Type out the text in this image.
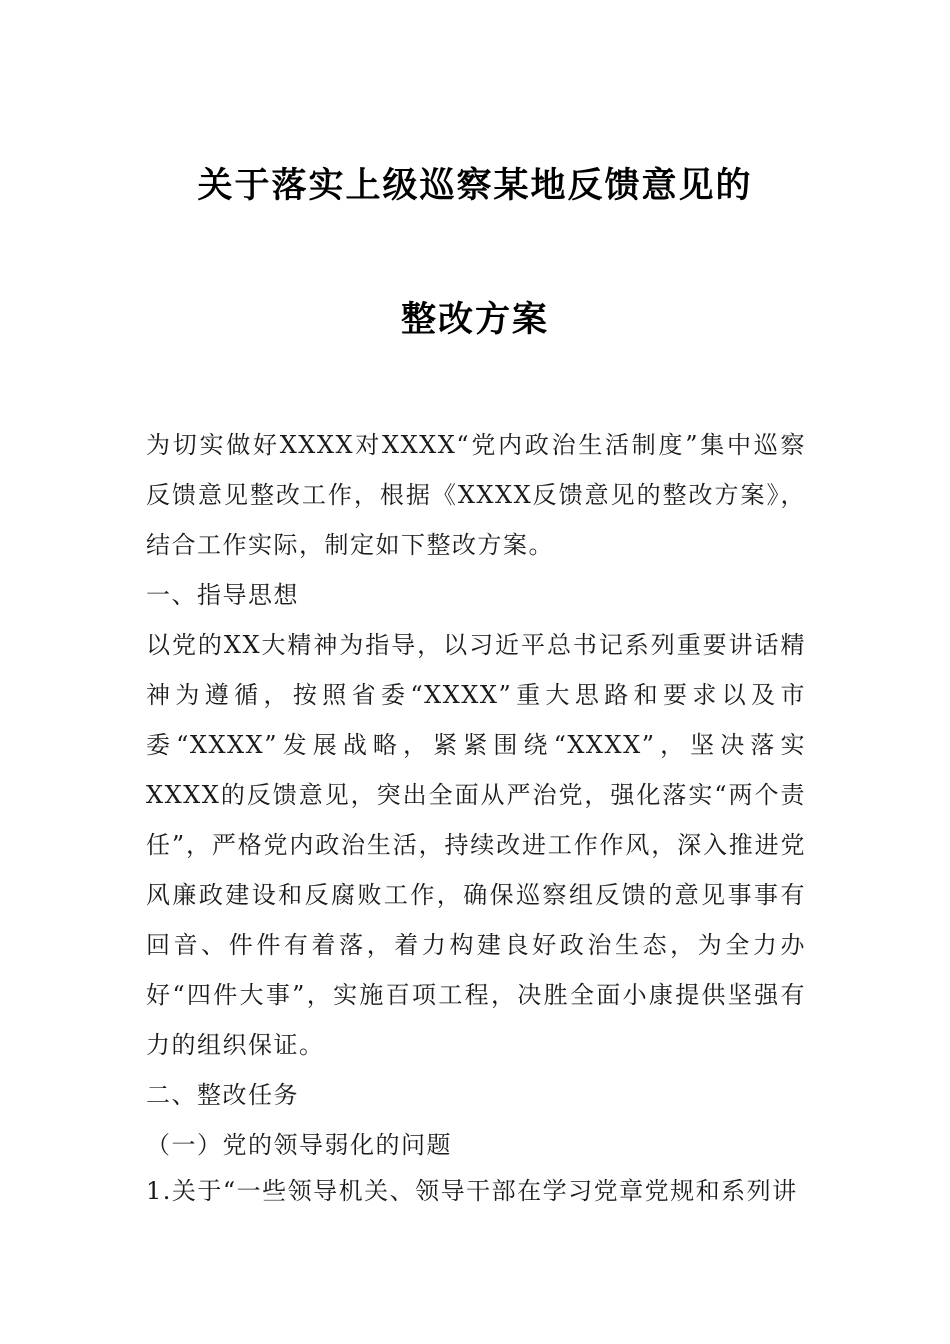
关于落实上级巡察某地反馈意见的
整改方案

为切实做好XXXX对XXXX“党内政治生活制度”集中巡察反馈意见整改工作，根据《XXXX反馈意见的整改方案》，结合工作实际，制定如下整改方案。

一、指导思想

以党的XX大精神为指导，以习近平总书记系列重要讲话精神为遵循，按照省委“XXXX”重大思路和要求以及市委“XXXX”发展战略，紧紧围绕“XXXX”，坚决落实XXXX的反馈意见，突出全面从严治党，强化落实“两个责任”，严格党内政治生活，持续改进工作作风，深入推进党风廉政建设和反腐败工作，确保巡察组反馈的意见事事有回音、件件有着落，着力构建良好政治生态，为全力办好“四件大事”，实施百项工程，决胜全面小康提供坚强有力的组织保证。

二、整改任务

（一）党的领导弱化的问题

1.关于“一些领导机关、领导干部在学习党章党规和系列讲
